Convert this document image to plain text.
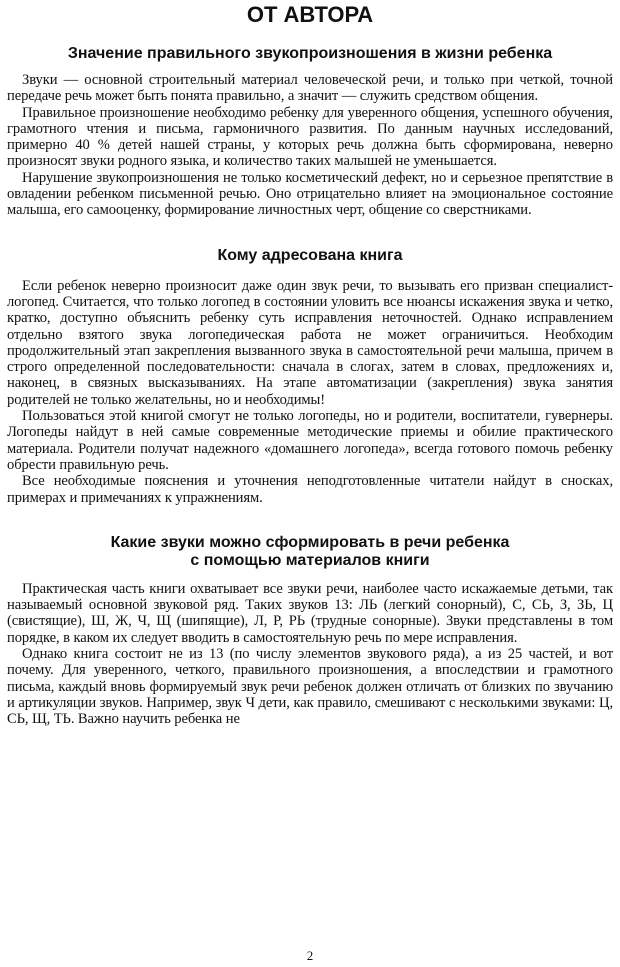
ОТ АВТОРА
Значение правильного звукопроизношения в жизни ребенка

Звуки — основной строительный материал человеческой речи, и только при четкой, точной передаче речь может быть понята правильно, а значит — служить средством общения.

Правильное произношение необходимо ребенку для уверенного общения, успешного обучения, грамотного чтения и письма, гармоничного развития. По данным научных исследований, примерно 40 % детей нашей страны, у которых речь должна быть сформирована, неверно произносят звуки родного языка, и количество таких малышей не уменьшается.

Нарушение звукопроизношения не только косметический дефект, но и серьезное препятствие в овладении ребенком письменной речью. Оно отрицательно влияет на эмоциональное состояние малыша, его самооценку, формирование личностных черт, общение со сверстниками.

Кому адресована книга

Если ребенок неверно произносит даже один звук речи, то вызывать его призван специалист-логопед. Считается, что только логопед в состоянии уловить все нюансы искажения звука и четко, кратко, доступно объяснить ребенку суть исправления неточностей. Однако исправлением отдельно взятого звука логопедическая работа не может ограничиться. Необходим продолжительный этап закрепления вызванного звука в самостоятельной речи малыша, причем в строго определенной последовательности: сначала в слогах, затем в словах, предложениях и, наконец, в связных высказываниях. На этапе автоматизации (закрепления) звука занятия родителей не только желательны, но и необходимы!

Пользоваться этой книгой смогут не только логопеды, но и родители, воспитатели, гувернеры. Логопеды найдут в ней самые современные методические приемы и обилие практического материала. Родители получат надежного «домашнего логопеда», всегда готового помочь ребенку обрести правильную речь.

Все необходимые пояснения и уточнения неподготовленные читатели найдут в сносках, примерах и примечаниях к упражнениям.

Какие звуки можно сформировать в речи ребенка
с помощью материалов книги

Практическая часть книги охватывает все звуки речи, наиболее часто искажаемые детьми, так называемый основной звуковой ряд. Таких звуков 13: ЛЬ (легкий сонорный), С, СЬ, З, ЗЬ, Ц (свистящие), Ш, Ж, Ч, Щ (шипящие), Л, Р, РЬ (трудные соноpные). Звуки представлены в том порядке, в каком их следует вводить в самостоятельную речь по мере исправления.

Однако книга состоит не из 13 (по числу элементов звукового ряда), а из 25 частей, и вот почему. Для уверенного, четкого, правильного произношения, а впоследствии и грамотного письма, каждый вновь формируемый звук речи ребенок должен отличать от близких по звучанию и артикуляции звуков. Например, звук Ч дети, как правило, смешивают с несколькими звуками: Ц, СЬ, Щ, ТЬ. Важно научить ребенка не

2
